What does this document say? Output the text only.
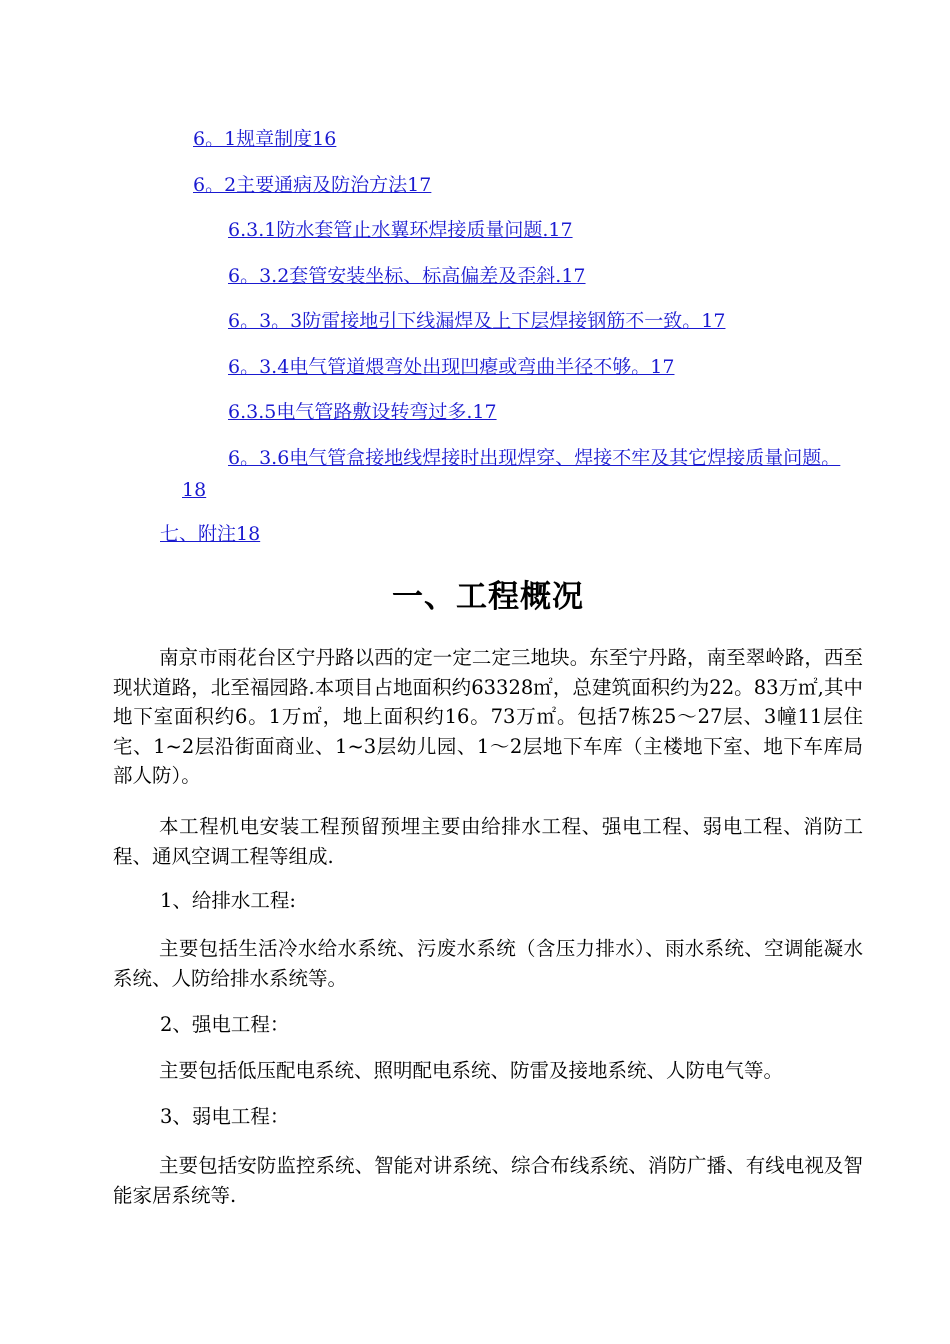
6。1规章制度16
6。2主要通病及防治方法17
6.3.1防水套管止水翼环焊接质量问题.17
6。3.2套管安装坐标、标高偏差及歪斜.17
6。3。3防雷接地引下线漏焊及上下层焊接钢筋不一致。17
6。3.4电气管道煨弯处出现凹瘪或弯曲半径不够。17
6.3.5电气管路敷设转弯过多.17
6。3.6电气管盒接地线焊接时出现焊穿、焊接不牢及其它焊接质量问题。18
七、附注18
一、工程概况

南京市雨花台区宁丹路以西的定一定二定三地块。东至宁丹路，南至翠岭路，西至现状道路，北至福园路.本项目占地面积约63328㎡，总建筑面积约为22。83万㎡,其中地下室面积约6。1万㎡，地上面积约16。73万㎡。包括7栋25～27层、3幢11层住宅、1~2层沿街面商业、1~3层幼儿园、1～2层地下车库（主楼地下室、地下车库局部人防）。

本工程机电安装工程预留预埋主要由给排水工程、强电工程、弱电工程、消防工程、通风空调工程等组成.

1、给排水工程:

主要包括生活冷水给水系统、污废水系统（含压力排水）、雨水系统、空调能凝水系统、人防给排水系统等。

2、强电工程：

主要包括低压配电系统、照明配电系统、防雷及接地系统、人防电气等。

3、弱电工程：

主要包括安防监控系统、智能对讲系统、综合布线系统、消防广播、有线电视及智能家居系统等.
